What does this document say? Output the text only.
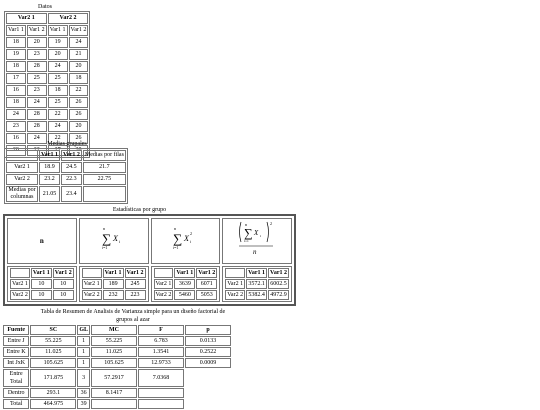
Datos
Var2 1		Var2 2	
Var1 1	Var1 2	Var1 1	Var1 2
18	20	19	24
19	23	20	21
18	28	24	20
17	25	25	18
16	23	18	22
18	24	25	26
24	28	22	26
23	28	24	20
16	24	22	26
20	22	27	20
Medias grupales
	Var1 1	Var1 2	Medias por filas
Var2 1	18.9	24.5	21.7
Var2 2	23.2	22.3	22.75
Medias por columnas	21.05	23.4	
Estadísticas por grupo
n	
n
∑
i=1
X i

n
∑
i=1
X i
2

n
∑
i=1
X i
2
n

	Var1 1	Var1 2
Var2 1	10	10
Var2 2	10	10

	Var1 1	Var1 2
Var2 1	189	245
Var2 2	232	223

	Var1 1	Var1 2
Var2 1	3639	6071
Var2 2	5460	5053

	Var1 1	Var1 2
Var2 1	3572.1	6002.5
Var2 2	5382.4	4972.9
Tabla de Resumen de Analisis de Varianza simple para un diseño factorial de grupos al azar
Fuente	SC	GL	MC	F	p
Entre J	55.225	1	55.225	6.783	0.0133
Entre K	11.025	1	11.025	1.3541	0.2522
Int JxK	105.625	1	105.625	12.9733	0.0009
Entre Total	171.875	3	57.2917	7.0368	
Dentro	293.1	36	8.1417		
Total	464.975	39			
